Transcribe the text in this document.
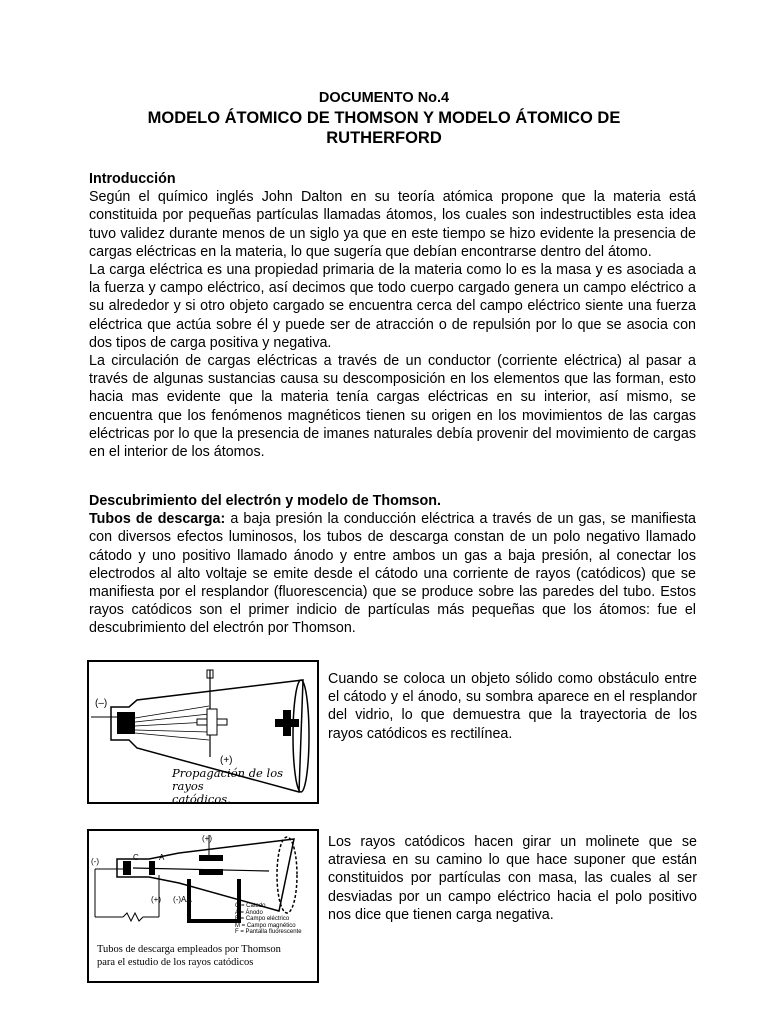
DOCUMENTO No.4
MODELO ÁTOMICO DE THOMSON Y MODELO ÁTOMICO DE RUTHERFORD

Introducción

Según el químico inglés John Dalton en su teoría atómica propone que la materia está constituida por pequeñas partículas llamadas átomos, los cuales son indestructibles esta idea tuvo validez durante menos de un siglo ya que en este tiempo se hizo evidente la presencia de cargas eléctricas en la materia, lo que sugería que debían encontrarse dentro del átomo.

La carga eléctrica es una propiedad primaria de la materia como lo es la masa y es asociada a la fuerza y campo eléctrico, así decimos que todo cuerpo cargado genera un campo eléctrico a su alrededor y si otro objeto cargado se encuentra cerca del campo eléctrico siente una fuerza eléctrica que actúa sobre él y puede ser de atracción o de repulsión por lo que se asocia con dos tipos de carga positiva y negativa.

La circulación de cargas eléctricas a través de un conductor (corriente eléctrica) al pasar a través de algunas sustancias causa su descomposición en los elementos que las forman, esto hacia mas evidente que la materia tenía cargas eléctricas en su interior, así mismo, se encuentra que los fenómenos magnéticos tienen su origen en los movimientos de las cargas eléctricas por lo que la presencia de imanes naturales debía provenir del movimiento de cargas en el interior de los átomos.

Descubrimiento del electrón y modelo de Thomson.

Tubos de descarga: a baja presión la conducción eléctrica a través de un gas, se manifiesta con diversos efectos luminosos, los tubos de descarga constan de un polo negativo llamado cátodo y uno positivo llamado ánodo y entre ambos un gas a baja presión, al conectar los electrodos al alto voltaje se emite desde el cátodo una corriente de rayos (catódicos) que se manifiesta por el resplandor (fluorescencia) que se produce sobre las paredes del tubo. Estos rayos catódicos son el primer indicio de partículas más pequeñas que los átomos: fue el descubrimiento del electrón por Thomson.

(–)
(+)
Propagación de los rayos
catódicos.

Cuando se coloca un objeto sólido como obstáculo entre el cátodo y el ánodo, su sombra aparece en el resplandor del vidrio, lo que demuestra que la trayectoria de los rayos catódicos es rectilínea.

(-)
(+)
(+) (-)
C	A
AA
C = Cátodo
A = Ánodo
E = Campo eléctrico
M = Campo magnético
F = Pantalla fluorescente
Tubos de descarga empleados por Thomson
para el estudio de los rayos catódicos

Los rayos catódicos hacen girar un molinete que se atraviesa en su camino lo que hace suponer que están constituidos por partículas con masa, las cuales al ser desviadas por un campo eléctrico hacia el polo positivo nos dice que tienen carga negativa.
